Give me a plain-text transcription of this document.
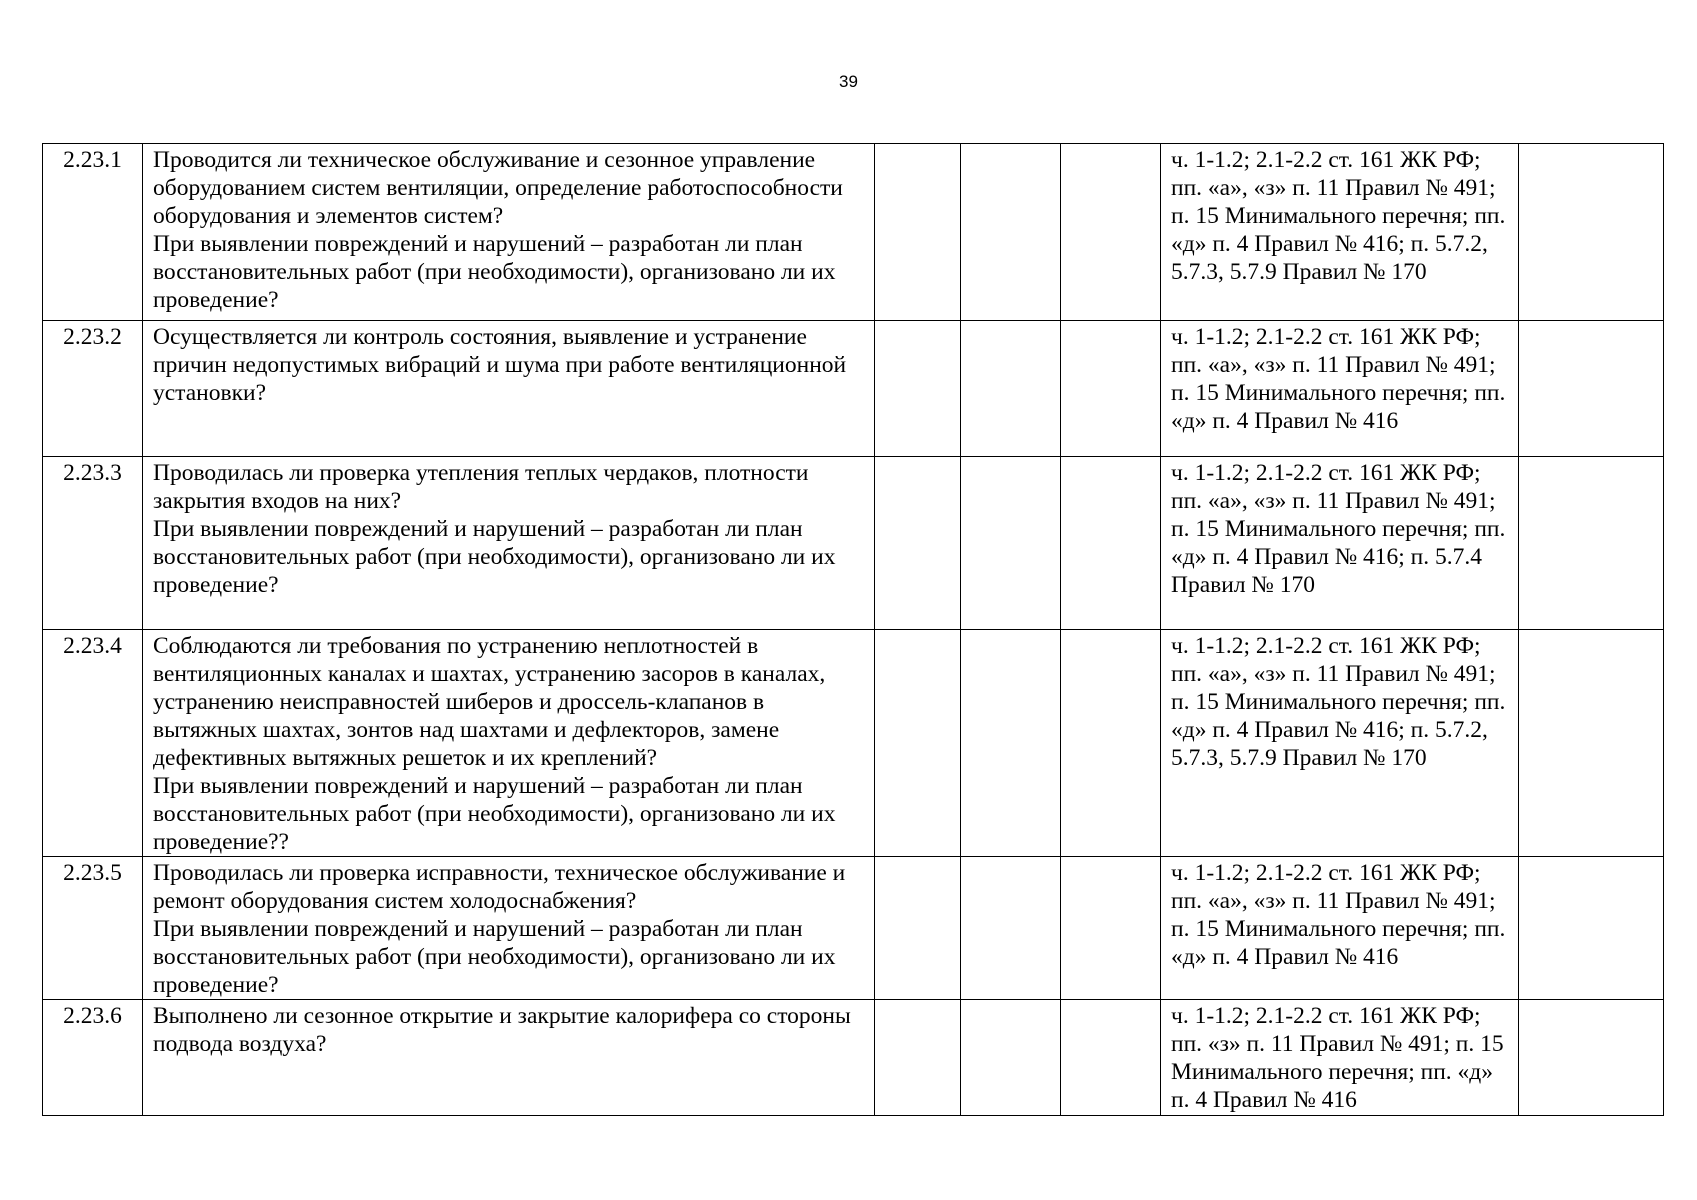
39
2.23.1	Проводится ли техническое обслуживание и сезонное управление оборудованием систем вентиляции, определение работоспособности оборудования и элементов систем?
При выявлении повреждений и нарушений – разработан ли план восстановительных работ (при необходимости), организовано ли их проведение?				ч. 1-1.2; 2.1-2.2 ст. 161 ЖК РФ; пп. «а», «з» п. 11 Правил № 491; п. 15 Минимального перечня; пп. «д» п. 4 Правил № 416; п. 5.7.2, 5.7.3, 5.7.9 Правил № 170	
2.23.2	Осуществляется ли контроль состояния, выявление и устранение причин недопустимых вибраций и шума при работе вентиляционной установки?				ч. 1-1.2; 2.1-2.2 ст. 161 ЖК РФ; пп. «а», «з» п. 11 Правил № 491; п. 15 Минимального перечня; пп. «д» п. 4 Правил № 416	
2.23.3	Проводилась ли проверка утепления теплых чердаков, плотности закрытия входов на них?
При выявлении повреждений и нарушений – разработан ли план восстановительных работ (при необходимости), организовано ли их проведение?				ч. 1-1.2; 2.1-2.2 ст. 161 ЖК РФ; пп. «а», «з» п. 11 Правил № 491; п. 15 Минимального перечня; пп. «д» п. 4 Правил № 416; п. 5.7.4 Правил № 170	
2.23.4	Соблюдаются ли требования по устранению неплотностей в вентиляционных каналах и шахтах, устранению засоров в каналах, устранению неисправностей шиберов и дроссель-клапанов в вытяжных шахтах, зонтов над шахтами и дефлекторов, замене дефективных вытяжных решеток и их креплений?
При выявлении повреждений и нарушений – разработан ли план восстановительных работ (при необходимости), организовано ли их проведение??				ч. 1-1.2; 2.1-2.2 ст. 161 ЖК РФ; пп. «а», «з» п. 11 Правил № 491; п. 15 Минимального перечня; пп. «д» п. 4 Правил № 416; п. 5.7.2, 5.7.3, 5.7.9 Правил № 170	
2.23.5	Проводилась ли проверка исправности, техническое обслуживание и ремонт оборудования систем холодоснабжения?
При выявлении повреждений и нарушений – разработан ли план восстановительных работ (при необходимости), организовано ли их проведение?				ч. 1-1.2; 2.1-2.2 ст. 161 ЖК РФ; пп. «а», «з» п. 11 Правил № 491; п. 15 Минимального перечня; пп. «д» п. 4 Правил № 416	
2.23.6	Выполнено ли сезонное открытие и закрытие калорифера со стороны подвода воздуха?				ч. 1-1.2; 2.1-2.2 ст. 161 ЖК РФ; пп. «з» п. 11 Правил № 491; п. 15 Минимального перечня; пп. «д» п. 4 Правил № 416	
